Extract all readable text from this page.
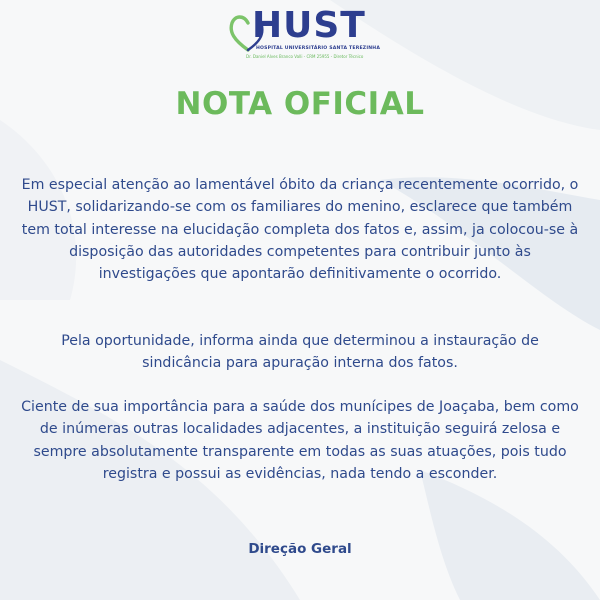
HUST
HOSPITAL UNIVERSITÁRIO SANTA TEREZINHA
Dr. Daniel Alves Branco Valli - CRM 25955 - Diretor Técnico
NOTA OFICIAL
Em especial atenção ao lamentável óbito da criança recentemente ocorrido, o HUST, solidarizando-se com os familiares do menino, esclarece que também tem total interesse na elucidação completa dos fatos e, assim, ja colocou-se à disposição das autoridades competentes para contribuir junto às investigações que apontarão definitivamente o ocorrido.
Pela oportunidade, informa ainda que determinou a instauração de sindicância para apuração interna dos fatos.
Ciente de sua importância para a saúde dos munícipes de Joaçaba, bem como de inúmeras outras localidades adjacentes, a instituição seguirá zelosa e sempre absolutamente transparente em todas as suas atuações, pois tudo registra e possui as evidências, nada tendo a esconder.
Direção Geral
